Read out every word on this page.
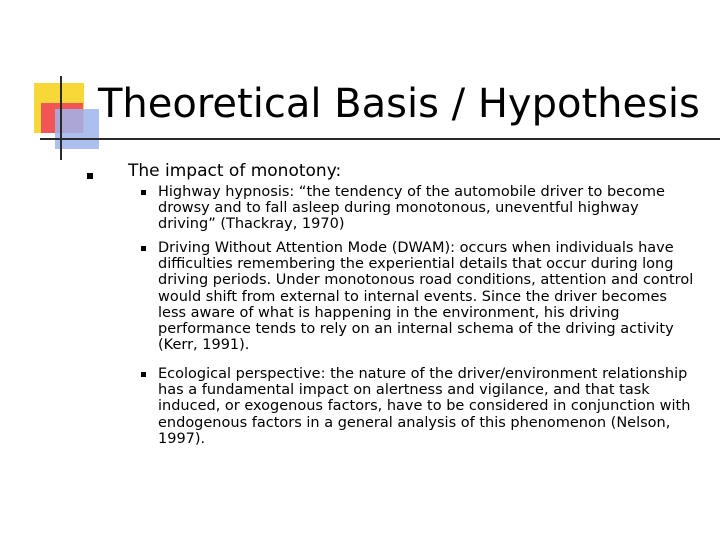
Theoretical Basis / Hypothesis
The impact of monotony:
Highway hypnosis: “the tendency of the automobile driver to become drowsy and to fall asleep during monotonous, uneventful highway driving” (Thackray, 1970)
Driving Without Attention Mode (DWAM): occurs when individuals have difficulties remembering the experiential details that occur during long driving periods. Under monotonous road conditions, attention and control would shift from external to internal events. Since the driver becomes less aware of what is happening in the environment, his driving performance tends to rely on an internal schema of the driving activity (Kerr, 1991).
Ecological perspective: the nature of the driver/environment relationship has a fundamental impact on alertness and vigilance, and that task induced, or exogenous factors, have to be considered in conjunction with endogenous factors in a general analysis of this phenomenon (Nelson, 1997).
